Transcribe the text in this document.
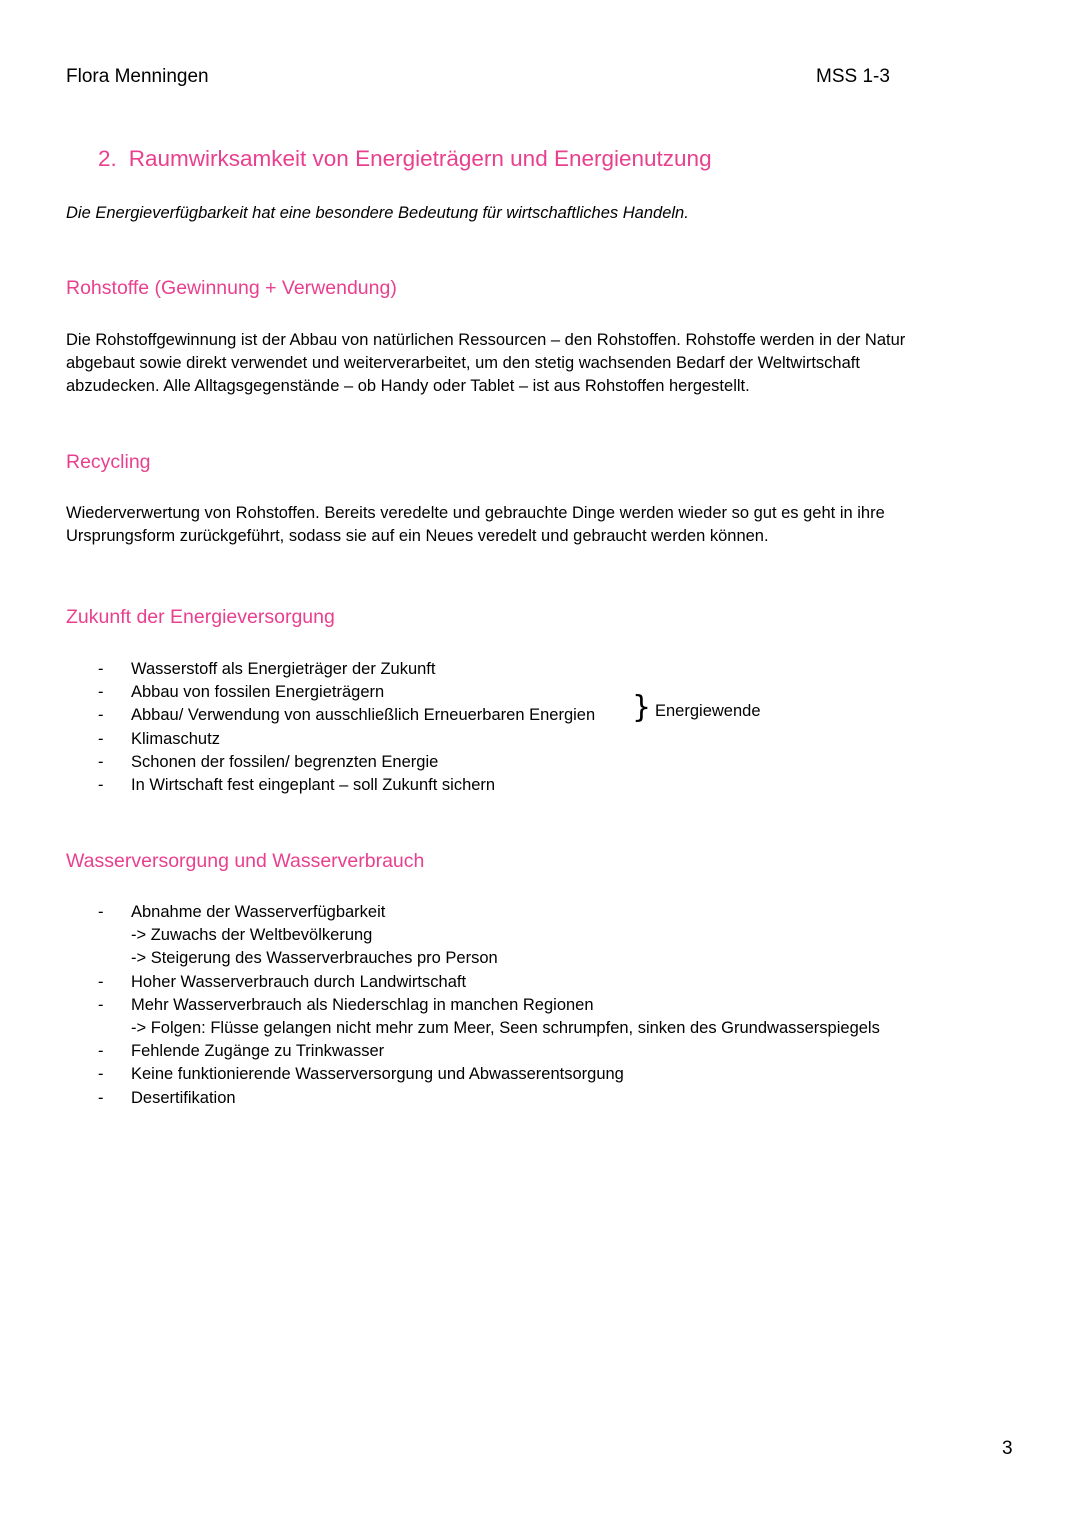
Flora Menningen	MSS 1-3
2. Raumwirksamkeit von Energieträgern und Energienutzung
Die Energieverfügbarkeit hat eine besondere Bedeutung für wirtschaftliches Handeln.
Rohstoffe (Gewinnung + Verwendung)
Die Rohstoffgewinnung ist der Abbau von natürlichen Ressourcen – den Rohstoffen. Rohstoffe werden in der Natur
abgebaut sowie direkt verwendet und weiterverarbeitet, um den stetig wachsenden Bedarf der Weltwirtschaft
abzudecken. Alle Alltagsgegenstände – ob Handy oder Tablet – ist aus Rohstoffen hergestellt.
Recycling
Wiederverwertung von Rohstoffen. Bereits veredelte und gebrauchte Dinge werden wieder so gut es geht in ihre
Ursprungsform zurückgeführt, sodass sie auf ein Neues veredelt und gebraucht werden können.
Zukunft der Energieversorgung
- Wasserstoff als Energieträger der Zukunft
- Abbau von fossilen Energieträgern
- Abbau/ Verwendung von ausschließlich Erneuerbaren Energien
- Klimaschutz
- Schonen der fossilen/ begrenzten Energie
- In Wirtschaft fest eingeplant – soll Zukunft sichern
} Energiewende
Wasserversorgung und Wasserverbrauch
- Abnahme der Wasserverfügbarkeit
-> Zuwachs der Weltbevölkerung
-> Steigerung des Wasserverbrauches pro Person
- Hoher Wasserverbrauch durch Landwirtschaft
- Mehr Wasserverbrauch als Niederschlag in manchen Regionen
-> Folgen: Flüsse gelangen nicht mehr zum Meer, Seen schrumpfen, sinken des Grundwasserspiegels
- Fehlende Zugänge zu Trinkwasser
- Keine funktionierende Wasserversorgung und Abwasserentsorgung
- Desertifikation
3
